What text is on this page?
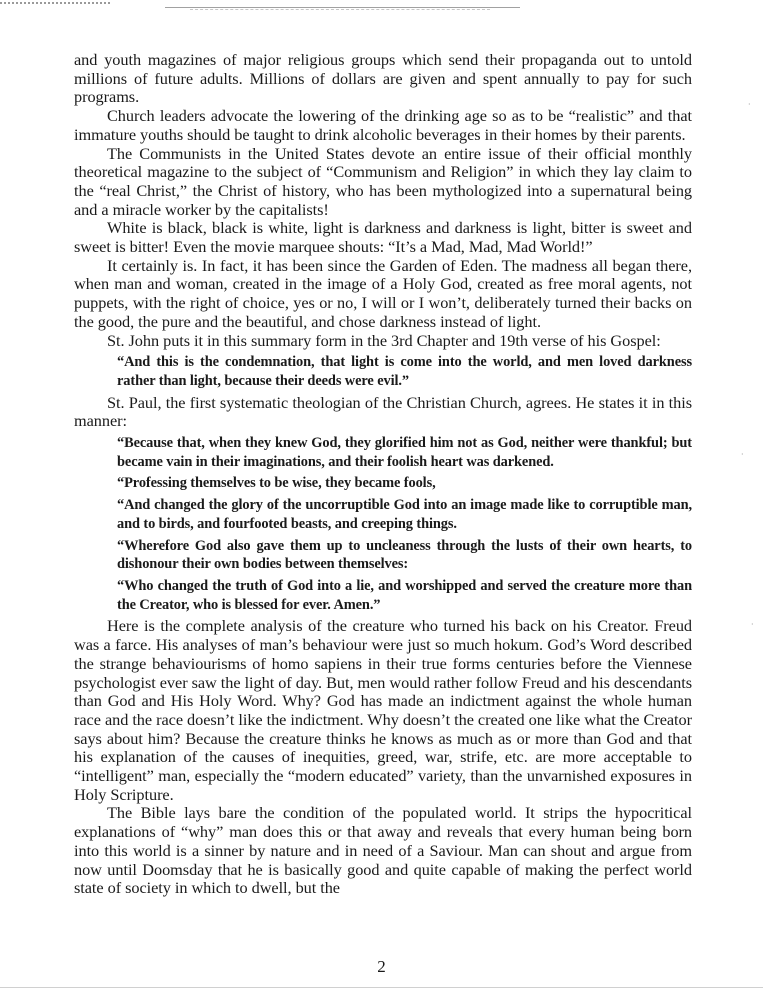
and youth magazines of major religious groups which send their propaganda out to untold millions of future adults. Millions of dollars are given and spent annually to pay for such programs.

Church leaders advocate the lowering of the drinking age so as to be “realistic” and that immature youths should be taught to drink alcoholic beverages in their homes by their parents.

The Communists in the United States devote an entire issue of their official monthly theoretical magazine to the subject of “Communism and Religion” in which they lay claim to the “real Christ,” the Christ of history, who has been mythologized into a supernatural being and a miracle worker by the capitalists!

White is black, black is white, light is darkness and darkness is light, bitter is sweet and sweet is bitter! Even the movie marquee shouts: “It’s a Mad, Mad, Mad World!”

It certainly is. In fact, it has been since the Garden of Eden. The madness all began there, when man and woman, created in the image of a Holy God, created as free moral agents, not puppets, with the right of choice, yes or no, I will or I won’t, deliberately turned their backs on the good, the pure and the beautiful, and chose darkness instead of light.

St. John puts it in this summary form in the 3rd Chapter and 19th verse of his Gospel:

“And this is the condemnation, that light is come into the world, and men loved darkness rather than light, because their deeds were evil.”

St. Paul, the first systematic theologian of the Christian Church, agrees. He states it in this manner:

“Because that, when they knew God, they glorified him not as God, neither were thankful; but became vain in their imaginations, and their foolish heart was darkened.

“Professing themselves to be wise, they became fools,

“And changed the glory of the uncorruptible God into an image made like to corruptible man, and to birds, and fourfooted beasts, and creeping things.

“Wherefore God also gave them up to uncleaness through the lusts of their own hearts, to dishonour their own bodies between themselves:

“Who changed the truth of God into a lie, and worshipped and served the creature more than the Creator, who is blessed for ever. Amen.”

Here is the complete analysis of the creature who turned his back on his Creator. Freud was a farce. His analyses of man’s behaviour were just so much hokum. God’s Word described the strange behaviourisms of homo sapiens in their true forms centuries before the Viennese psychologist ever saw the light of day. But, men would rather follow Freud and his descendants than God and His Holy Word. Why? God has made an indictment against the whole human race and the race doesn’t like the indictment. Why doesn’t the created one like what the Creator says about him? Because the creature thinks he knows as much as or more than God and that his explanation of the causes of inequities, greed, war, strife, etc. are more acceptable to “intelligent” man, especially the “modern educated” variety, than the unvarnished exposures in Holy Scripture.

The Bible lays bare the condition of the populated world. It strips the hypocritical explanations of “why” man does this or that away and reveals that every human being born into this world is a sinner by nature and in need of a Saviour. Man can shout and argue from now until Doomsday that he is basically good and quite capable of making the perfect world state of society in which to dwell, but the

·
·
·
2
